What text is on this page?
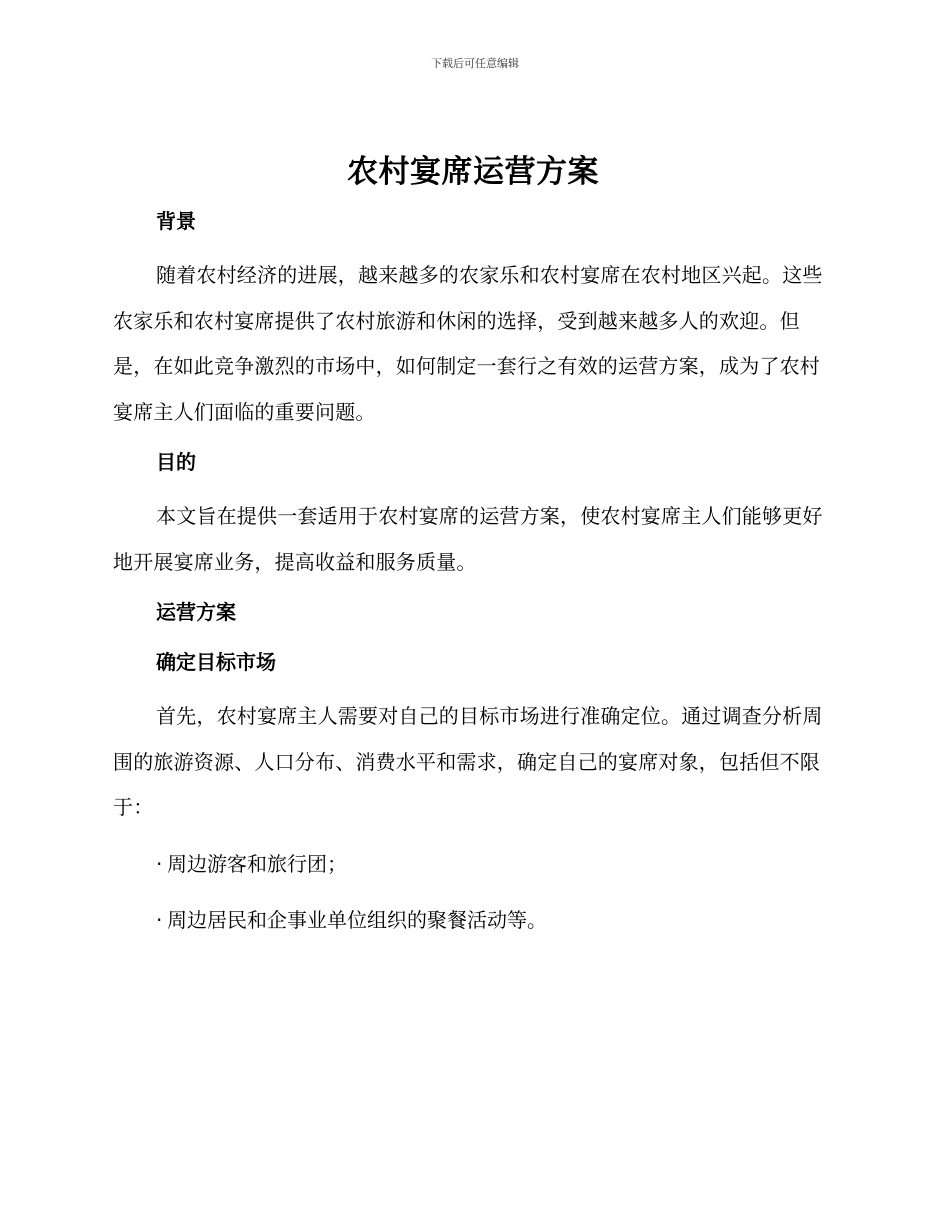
下载后可任意编辑
农村宴席运营方案
背景

随着农村经济的进展，越来越多的农家乐和农村宴席在农村地区兴起。这些农家乐和农村宴席提供了农村旅游和休闲的选择，受到越来越多人的欢迎。但是，在如此竞争激烈的市场中，如何制定一套行之有效的运营方案，成为了农村宴席主人们面临的重要问题。

目的

本文旨在提供一套适用于农村宴席的运营方案，使农村宴席主人们能够更好地开展宴席业务，提高收益和服务质量。

运营方案
确定目标市场

首先，农村宴席主人需要对自己的目标市场进行准确定位。通过调查分析周围的旅游资源、人口分布、消费水平和需求，确定自己的宴席对象，包括但不限于：

· 周边游客和旅行团；
· 周边居民和企事业单位组织的聚餐活动等。
